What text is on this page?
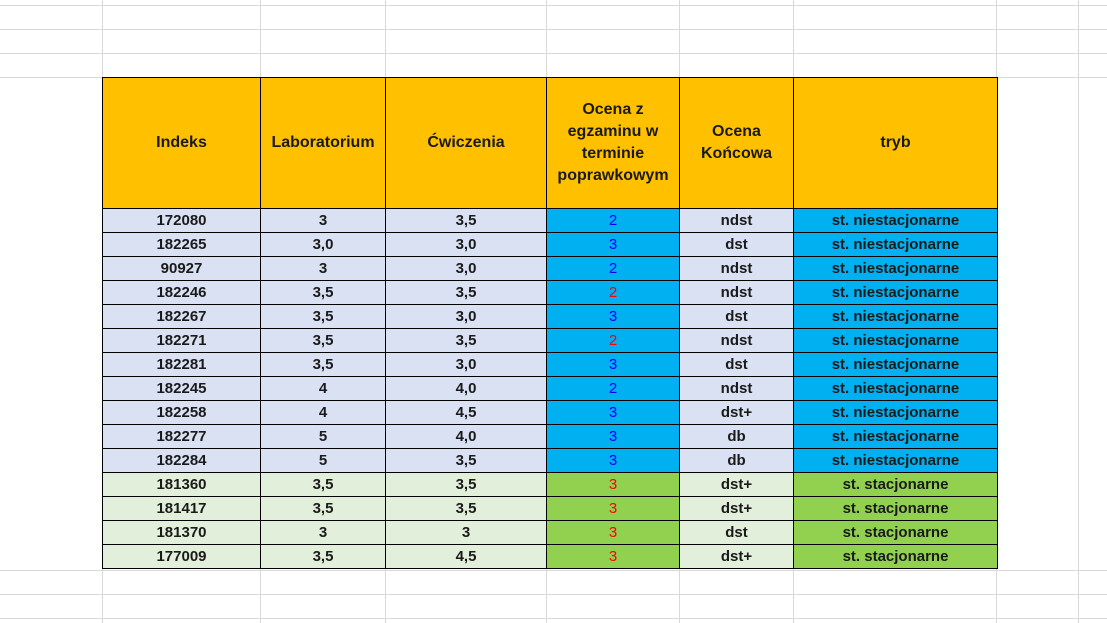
Indeks	Laboratorium	Ćwiczenia	Ocena z egzaminu w terminie poprawkowym	Ocena Końcowa	tryb
172080	3	3,5	2	ndst	st. niestacjonarne
182265	3,0	3,0	3	dst	st. niestacjonarne
90927	3	3,0	2	ndst	st. niestacjonarne
182246	3,5	3,5	2	ndst	st. niestacjonarne
182267	3,5	3,0	3	dst	st. niestacjonarne
182271	3,5	3,5	2	ndst	st. niestacjonarne
182281	3,5	3,0	3	dst	st. niestacjonarne
182245	4	4,0	2	ndst	st. niestacjonarne
182258	4	4,5	3	dst+	st. niestacjonarne
182277	5	4,0	3	db	st. niestacjonarne
182284	5	3,5	3	db	st. niestacjonarne
181360	3,5	3,5	3	dst+	st. stacjonarne
181417	3,5	3,5	3	dst+	st. stacjonarne
181370	3	3	3	dst	st. stacjonarne
177009	3,5	4,5	3	dst+	st. stacjonarne
